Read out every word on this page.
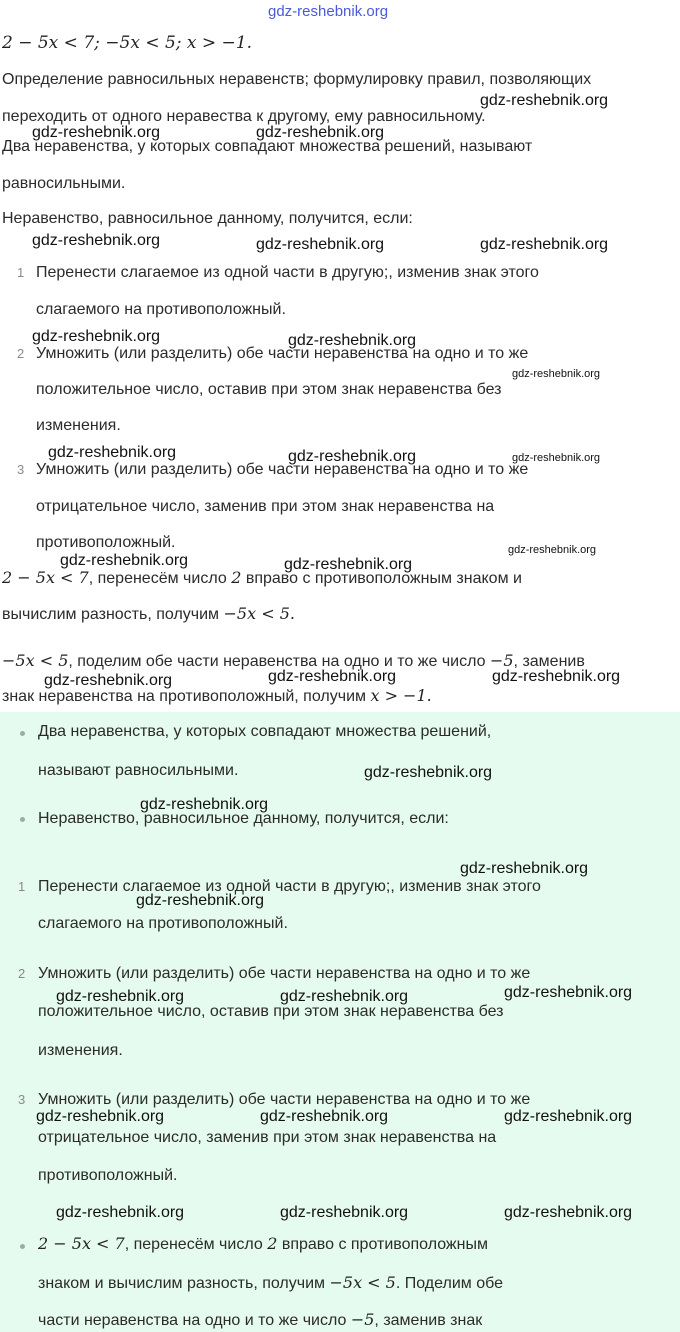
gdz-reshebnik.org
2 − 5x < 7; −5x < 5; x > −1.
Определение равносильных неравенств; формулировку правил, позволяющих
переходить от одного неравества к другому, ему равносильному.
Два неравенства, у которых совпадают множества решений, называют
равносильными.
Неравенство, равносильное данному, получится, если:
1 Перенести слагаемое из одной части в другую;, изменив знак этого
слагаемого на противоположный.
2 Умножить (или разделить) обе части неравенства на одно и то же
положительное число, оставив при этом знак неравенства без
изменения.
3 Умножить (или разделить) обе части неравенства на одно и то же
отрицательное число, заменив при этом знак неравенства на
противоположный.
2 − 5x < 7, перенесём число 2 вправо с противоположным знаком и
вычислим разность, получим −5x < 5.
−5x < 5, поделим обе части неравенства на одно и то же число −5, заменив
знак неравенства на противоположный, получим x > −1.
Два неравенства, у которых совпадают множества решений,
называют равносильными.
Неравенство, равносильное данному, получится, если:
1 Перенести слагаемое из одной части в другую;, изменив знак этого
слагаемого на противоположный.
2 Умножить (или разделить) обе части неравенства на одно и то же
положительное число, оставив при этом знак неравенства без
изменения.
3 Умножить (или разделить) обе части неравенства на одно и то же
отрицательное число, заменив при этом знак неравенства на
противоположный.
2 − 5x < 7, перенесём число 2 вправо с противоположным
знаком и вычислим разность, получим −5x < 5. Поделим обе
части неравенства на одно и то же число −5, заменив знак
gdz-reshebnik.org
gdz-reshebnik.org	gdz-reshebnik.org
gdz-reshebnik.org	gdz-reshebnik.org	gdz-reshebnik.org
gdz-reshebnik.org	gdz-reshebnik.org
gdz-reshebnik.org
gdz-reshebnik.org	gdz-reshebnik.org	gdz-reshebnik.org
gdz-reshebnik.org	gdz-reshebnik.org
gdz-reshebnik.org
gdz-reshebnik.org	gdz-reshebnik.org	gdz-reshebnik.org
gdz-reshebnik.org
gdz-reshebnik.org
gdz-reshebnik.org
gdz-reshebnik.org
gdz-reshebnik.org	gdz-reshebnik.org	gdz-reshebnik.org
gdz-reshebnik.org	gdz-reshebnik.org	gdz-reshebnik.org
gdz-reshebnik.org	gdz-reshebnik.org	gdz-reshebnik.org
